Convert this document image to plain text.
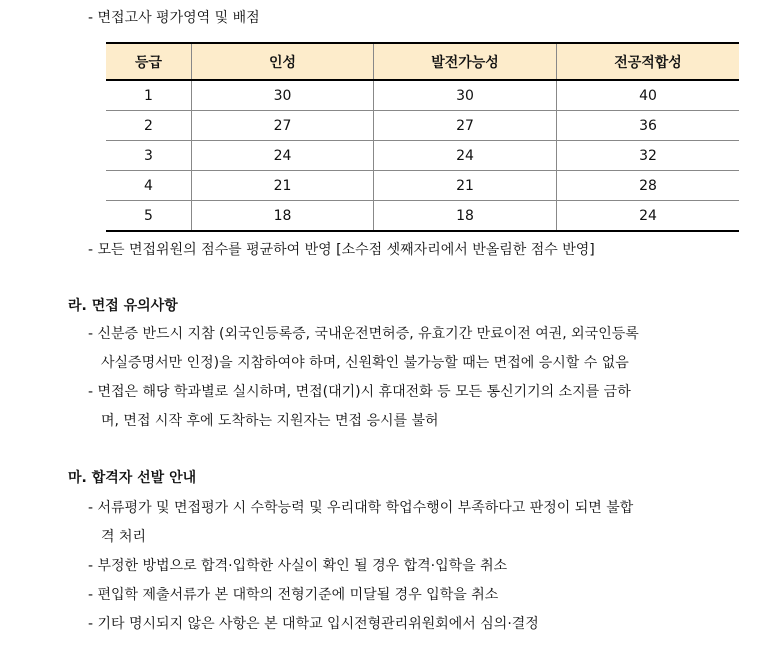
- 면접고사 평가영역 및 배점
등급	인성	발전가능성	전공적합성
1	30	30	40
2	27	27	36
3	24	24	32
4	21	21	28
5	18	18	24
- 모든 면접위원의 점수를 평균하여 반영 [소수점 셋째자리에서 반올림한 점수 반영]
라. 면접 유의사항
- 신분증 반드시 지참 (외국인등록증, 국내운전면허증, 유효기간 만료이전 여권, 외국인등록
사실증명서만 인정)을 지참하여야 하며, 신원확인 불가능할 때는 면접에 응시할 수 없음
- 면접은 해당 학과별로 실시하며, 면접(대기)시 휴대전화 등 모든 통신기기의 소지를 금하
며, 면접 시작 후에 도착하는 지원자는 면접 응시를 불허
마. 합격자 선발 안내
- 서류평가 및 면접평가 시 수학능력 및 우리대학 학업수행이 부족하다고 판정이 되면 불합
격 처리
- 부정한 방법으로 합격·입학한 사실이 확인 될 경우 합격·입학을 취소
- 편입학 제출서류가 본 대학의 전형기준에 미달될 경우 입학을 취소
- 기타 명시되지 않은 사항은 본 대학교 입시전형관리위원회에서 심의·결정
